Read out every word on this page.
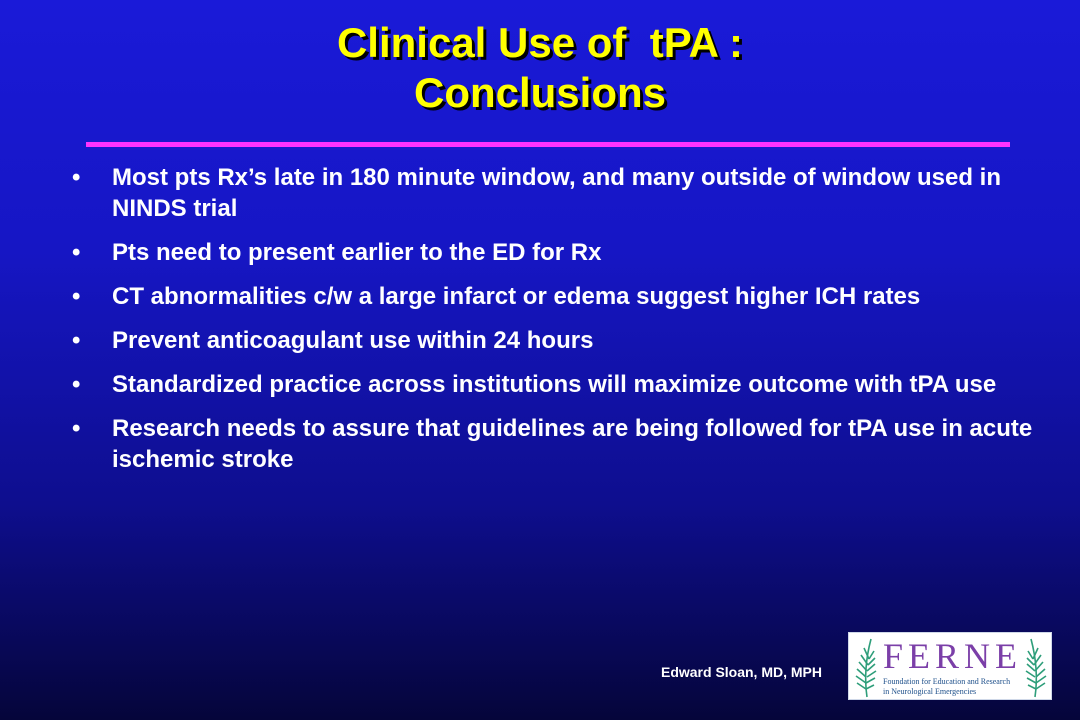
Clinical Use of  tPA :
Conclusions
• Most pts Rx’s late in 180 minute window, and many outside of window used in NINDS trial
• Pts need to present earlier to the ED for Rx
• CT abnormalities c/w a large infarct or edema suggest higher ICH rates
• Prevent anticoagulant use within 24 hours
• Standardized practice across institutions will maximize outcome with tPA use
• Research needs to assure that guidelines are being followed for tPA use in acute ischemic stroke
Edward Sloan, MD, MPH FERNE
Foundation for Education and Research
in Neurological Emergencies
